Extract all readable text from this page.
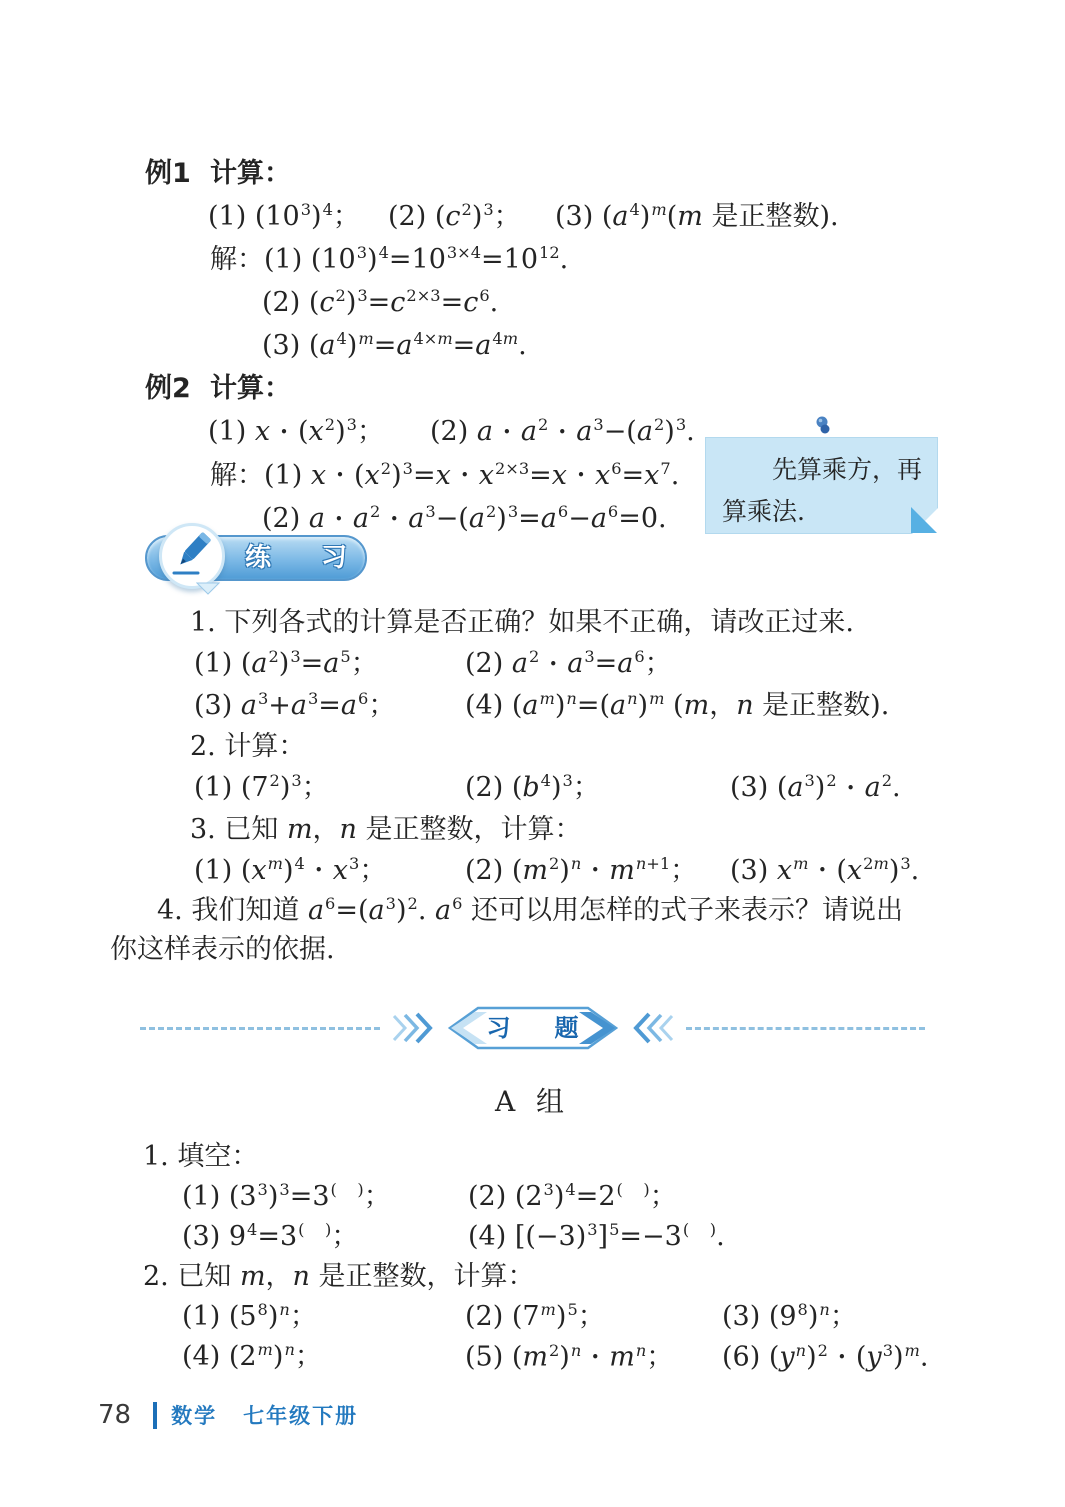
例1 计算：
(1) $(10^3)^4$；	(2) $(c^2)^3$；	(3) $(a^4)^m(m$ 是正整数).
解：(1) $(10^3)^4=10^{3\times 4}=10^{12}$.
(2) $(c^2)^3=c^{2\times 3}=c^6$.
(3) $(a^4)^m=a^{4\times m}=a^{4m}$.
例2 计算：
(1) x • $(x^2)^3$；	(2) a • $a^2$ • $a^3-(a^2)^3$.
解：(1) x • $(x^2)^3=x$ • $x^{2\times 3}=x$ • $x^6=x^7$.
(2) a • $a^2$ • $a^3-(a^2)^3=a^6-a^6=0$.
练　习
1. 下列各式的计算是否正确？如果不正确，请改正过来.
(1) $(a^2)^3=a^5$；	(2) $a^2$ • $a^3=a^6$；
(3) $a^3+a^3=a^6$；	(4) $(a^m)^n=(a^n)^m$ (m，n 是正整数).
2. 计算：
(1) $(7^2)^3$；	(2) $(b^4)^3$；	(3) $(a^3)^2$ • $a^2$.
3. 已知 m，n 是正整数，计算：
(1) $(x^m)^4$ • $x^3$；	(2) $(m^2)^n$ • $m^{n+1}$；	(3) $x^m$ • $(x^{2m})^3$.
4. 我们知道 $a^6=(a^3)^2$. $a^6$ 还可以用怎样的式子来表示？请说出你这样表示的依据.
习　题
A 组
1. 填空：
(1) $(3^3)^3=3^{( )}$；	(2) $(2^3)^4=2^{( )}$；
(3) $9^4=3^{( )}$；	(4) $[(-3)^3]^5=-3^{( )}$.
2. 已知 m，n 是正整数，计算：
(1) $(5^8)^n$；	(2) $(7^m)^5$；	(3) $(9^8)^n$；
(4) $(2^m)^n$；	(5) $(m^2)^n$ • $m^n$；	(6) $(y^n)^2$ • $(y^3)^m$.
先算乘方，再算乘法.
78 数学 七年级下册
